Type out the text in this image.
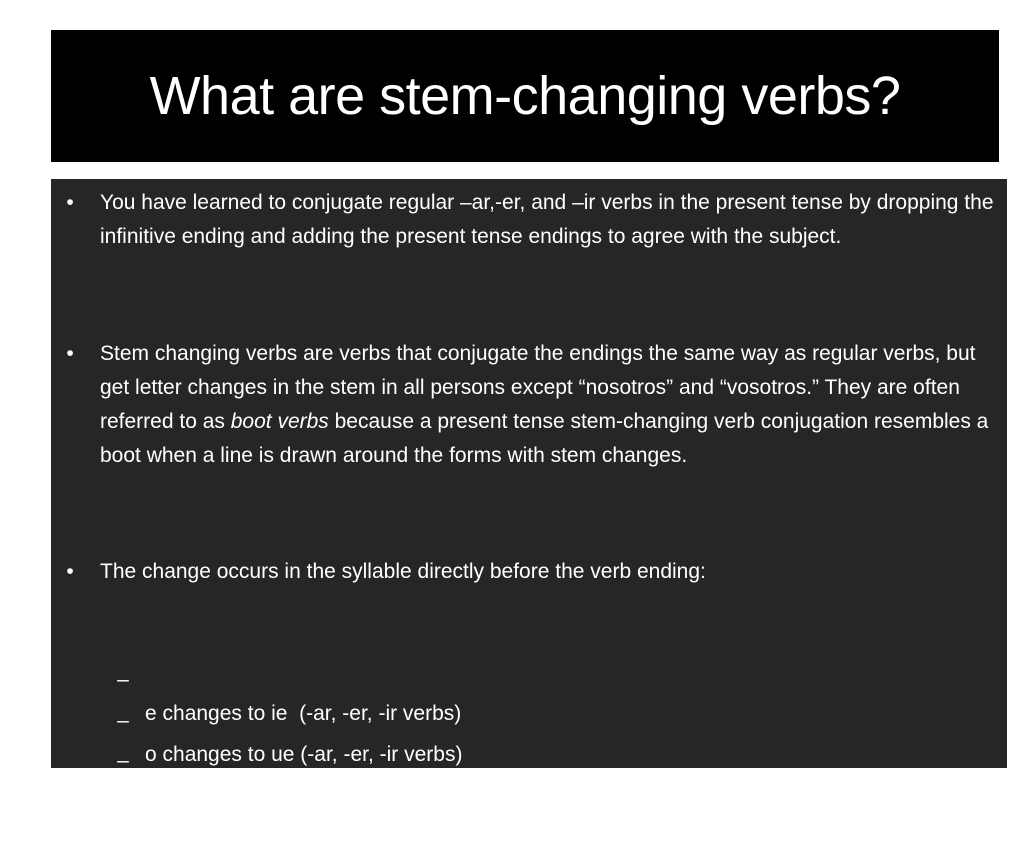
What are stem-changing verbs?
•	You have learned to conjugate regular –ar,-er, and –ir verbs in the present tense by dropping the infinitive ending and adding the present tense endings to agree with the subject.
•	Stem changing verbs are verbs that conjugate the endings the same way as regular verbs, but get letter changes in the stem in all persons except “nosotros” and “vosotros.” They are often referred to as boot verbs because a present tense stem-changing verb conjugation resembles a boot when a line is drawn around the forms with stem changes.
•	The change occurs in the syllable directly before the verb ending:

–

e changes to ie  (-ar, -er, -ir verbs)

–

o changes to ue (-ar, -er, -ir verbs)

–

e changes to i     ( only –ir verbs)
